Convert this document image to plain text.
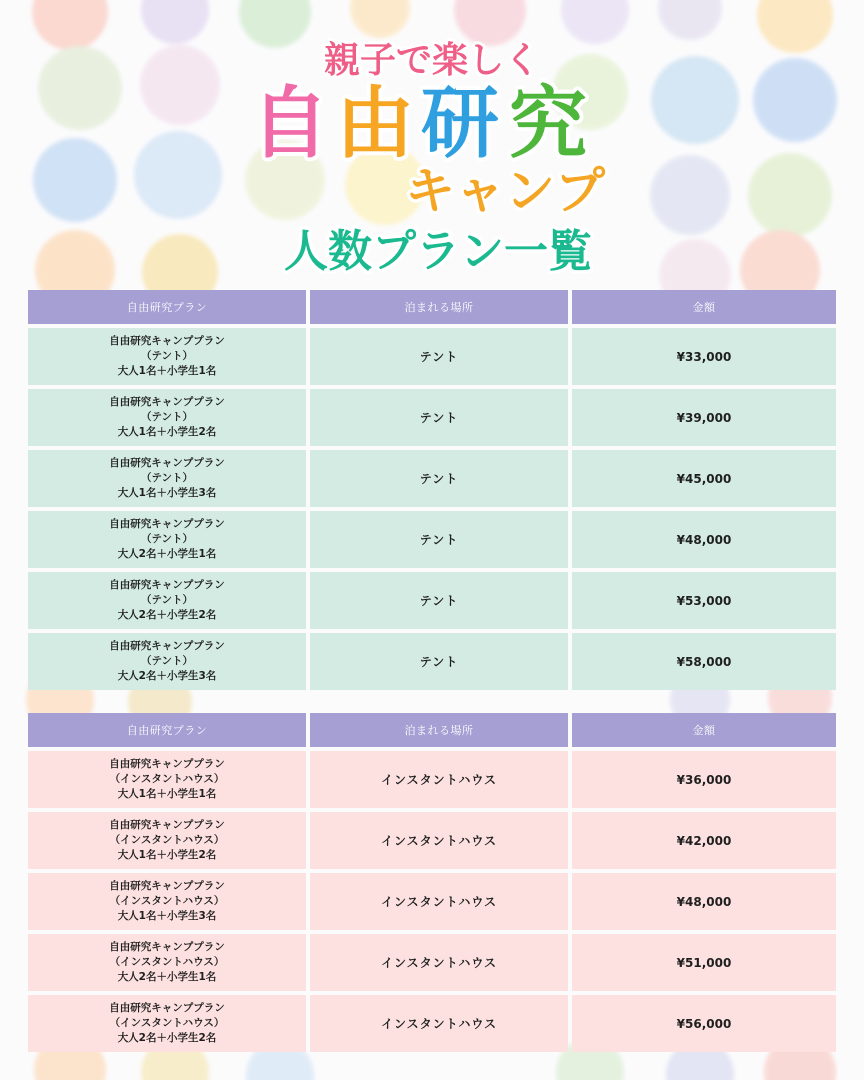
親子で楽しく
自 由 研 究
キャンプ
人数プラン一覧
自由研究プラン	泊まれる場所	金額

自由研究キャンププラン
（テント）
大人1名＋小学生1名	テント	¥33,000

自由研究キャンププラン
（テント）
大人1名＋小学生2名	テント	¥39,000

自由研究キャンププラン
（テント）
大人1名＋小学生3名	テント	¥45,000

自由研究キャンププラン
（テント）
大人2名＋小学生1名	テント	¥48,000

自由研究キャンププラン
（テント）
大人2名＋小学生2名	テント	¥53,000

自由研究キャンププラン
（テント）
大人2名＋小学生3名	テント	¥58,000
自由研究プラン	泊まれる場所	金額

自由研究キャンププラン
（インスタントハウス）
大人1名＋小学生1名	インスタントハウス	¥36,000

自由研究キャンププラン
（インスタントハウス）
大人1名＋小学生2名	インスタントハウス	¥42,000

自由研究キャンププラン
（インスタントハウス）
大人1名＋小学生3名	インスタントハウス	¥48,000

自由研究キャンププラン
（インスタントハウス）
大人2名＋小学生1名	インスタントハウス	¥51,000

自由研究キャンププラン
（インスタントハウス）
大人2名＋小学生2名	インスタントハウス	¥56,000
